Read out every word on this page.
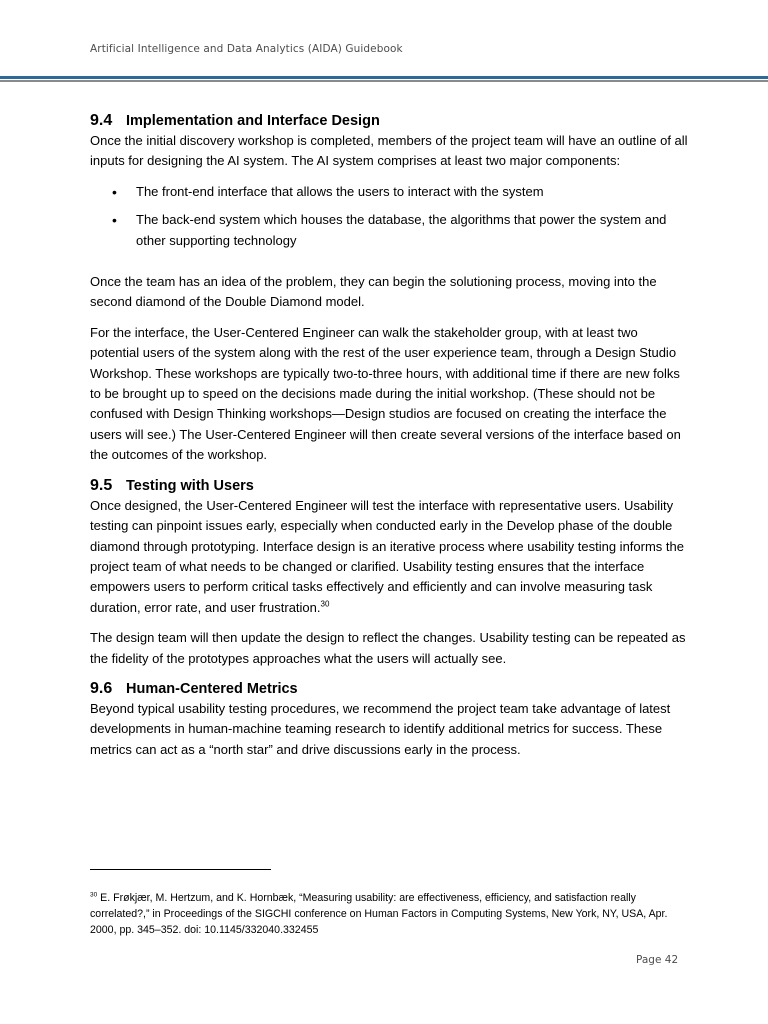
Artificial Intelligence and Data Analytics (AIDA) Guidebook
9.4 Implementation and Interface Design

Once the initial discovery workshop is completed, members of the project team will have an outline of all inputs for designing the AI system. The AI system comprises at least two major components:

• The front-end interface that allows the users to interact with the system
• The back-end system which houses the database, the algorithms that power the system and other supporting technology

Once the team has an idea of the problem, they can begin the solutioning process, moving into the second diamond of the Double Diamond model.

For the interface, the User-Centered Engineer can walk the stakeholder group, with at least two potential users of the system along with the rest of the user experience team, through a Design Studio Workshop. These workshops are typically two-to-three hours, with additional time if there are new folks to be brought up to speed on the decisions made during the initial workshop. (These should not be confused with Design Thinking workshops—Design studios are focused on creating the interface the users will see.) The User-Centered Engineer will then create several versions of the interface based on the outcomes of the workshop.

9.5 Testing with Users

Once designed, the User-Centered Engineer will test the interface with representative users. Usability testing can pinpoint issues early, especially when conducted early in the Develop phase of the double diamond through prototyping. Interface design is an iterative process where usability testing informs the project team of what needs to be changed or clarified. Usability testing ensures that the interface empowers users to perform critical tasks effectively and efficiently and can involve measuring task duration, error rate, and user frustration.$^{30}$

The design team will then update the design to reflect the changes. Usability testing can be repeated as the fidelity of the prototypes approaches what the users will actually see.

9.6 Human-Centered Metrics

Beyond typical usability testing procedures, we recommend the project team take advantage of latest developments in human-machine teaming research to identify additional metrics for success. These metrics can act as a “north star” and drive discussions early in the process.

$^{30}$ E. Frøkjær, M. Hertzum, and K. Hornbæk, “Measuring usability: are effectiveness, efficiency, and satisfaction really correlated?,” in Proceedings of the SIGCHI conference on Human Factors in Computing Systems, New York, NY, USA, Apr. 2000, pp. 345–352. doi: 10.1145/332040.332455

Page 42
